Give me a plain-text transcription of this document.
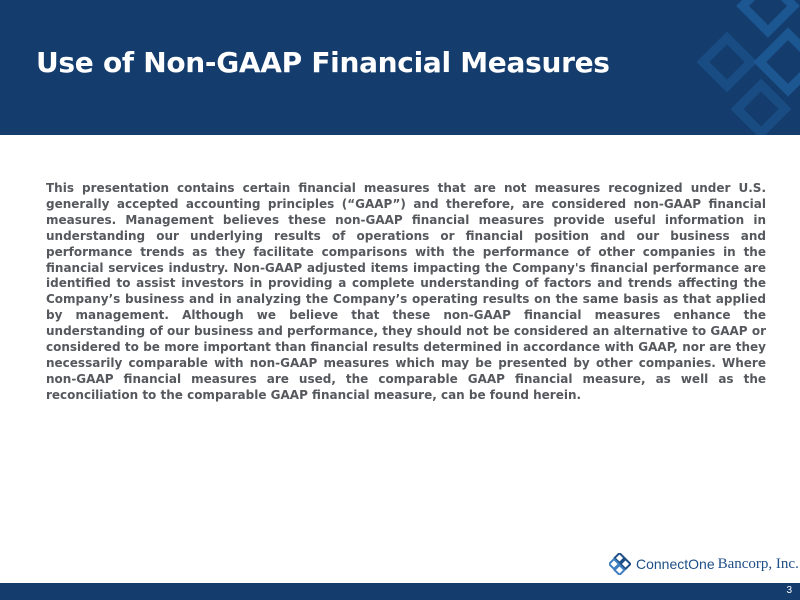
Use of Non-GAAP Financial Measures

This presentation contains certain financial measures that are not measures recognized under U.S. generally accepted accounting principles (“GAAP”) and therefore, are considered non-GAAP financial measures. Management believes these non-GAAP financial measures provide useful information in understanding our underlying results of operations or financial position and our business and performance trends as they facilitate comparisons with the performance of other companies in the financial services industry. Non-GAAP adjusted items impacting the Company's financial performance are identified to assist investors in providing a complete understanding of factors and trends affecting the Company’s business and in analyzing the Company’s operating results on the same basis as that applied by management. Although we believe that these non-GAAP financial measures enhance the understanding of our business and performance, they should not be considered an alternative to GAAP or considered to be more important than financial results determined in accordance with GAAP, nor are they necessarily comparable with non-GAAP measures which may be presented by other companies. Where non-GAAP financial measures are used, the comparable GAAP financial measure, as well as the reconciliation to the comparable GAAP financial measure, can be found herein.

ConnectOne Bancorp, Inc.
3
